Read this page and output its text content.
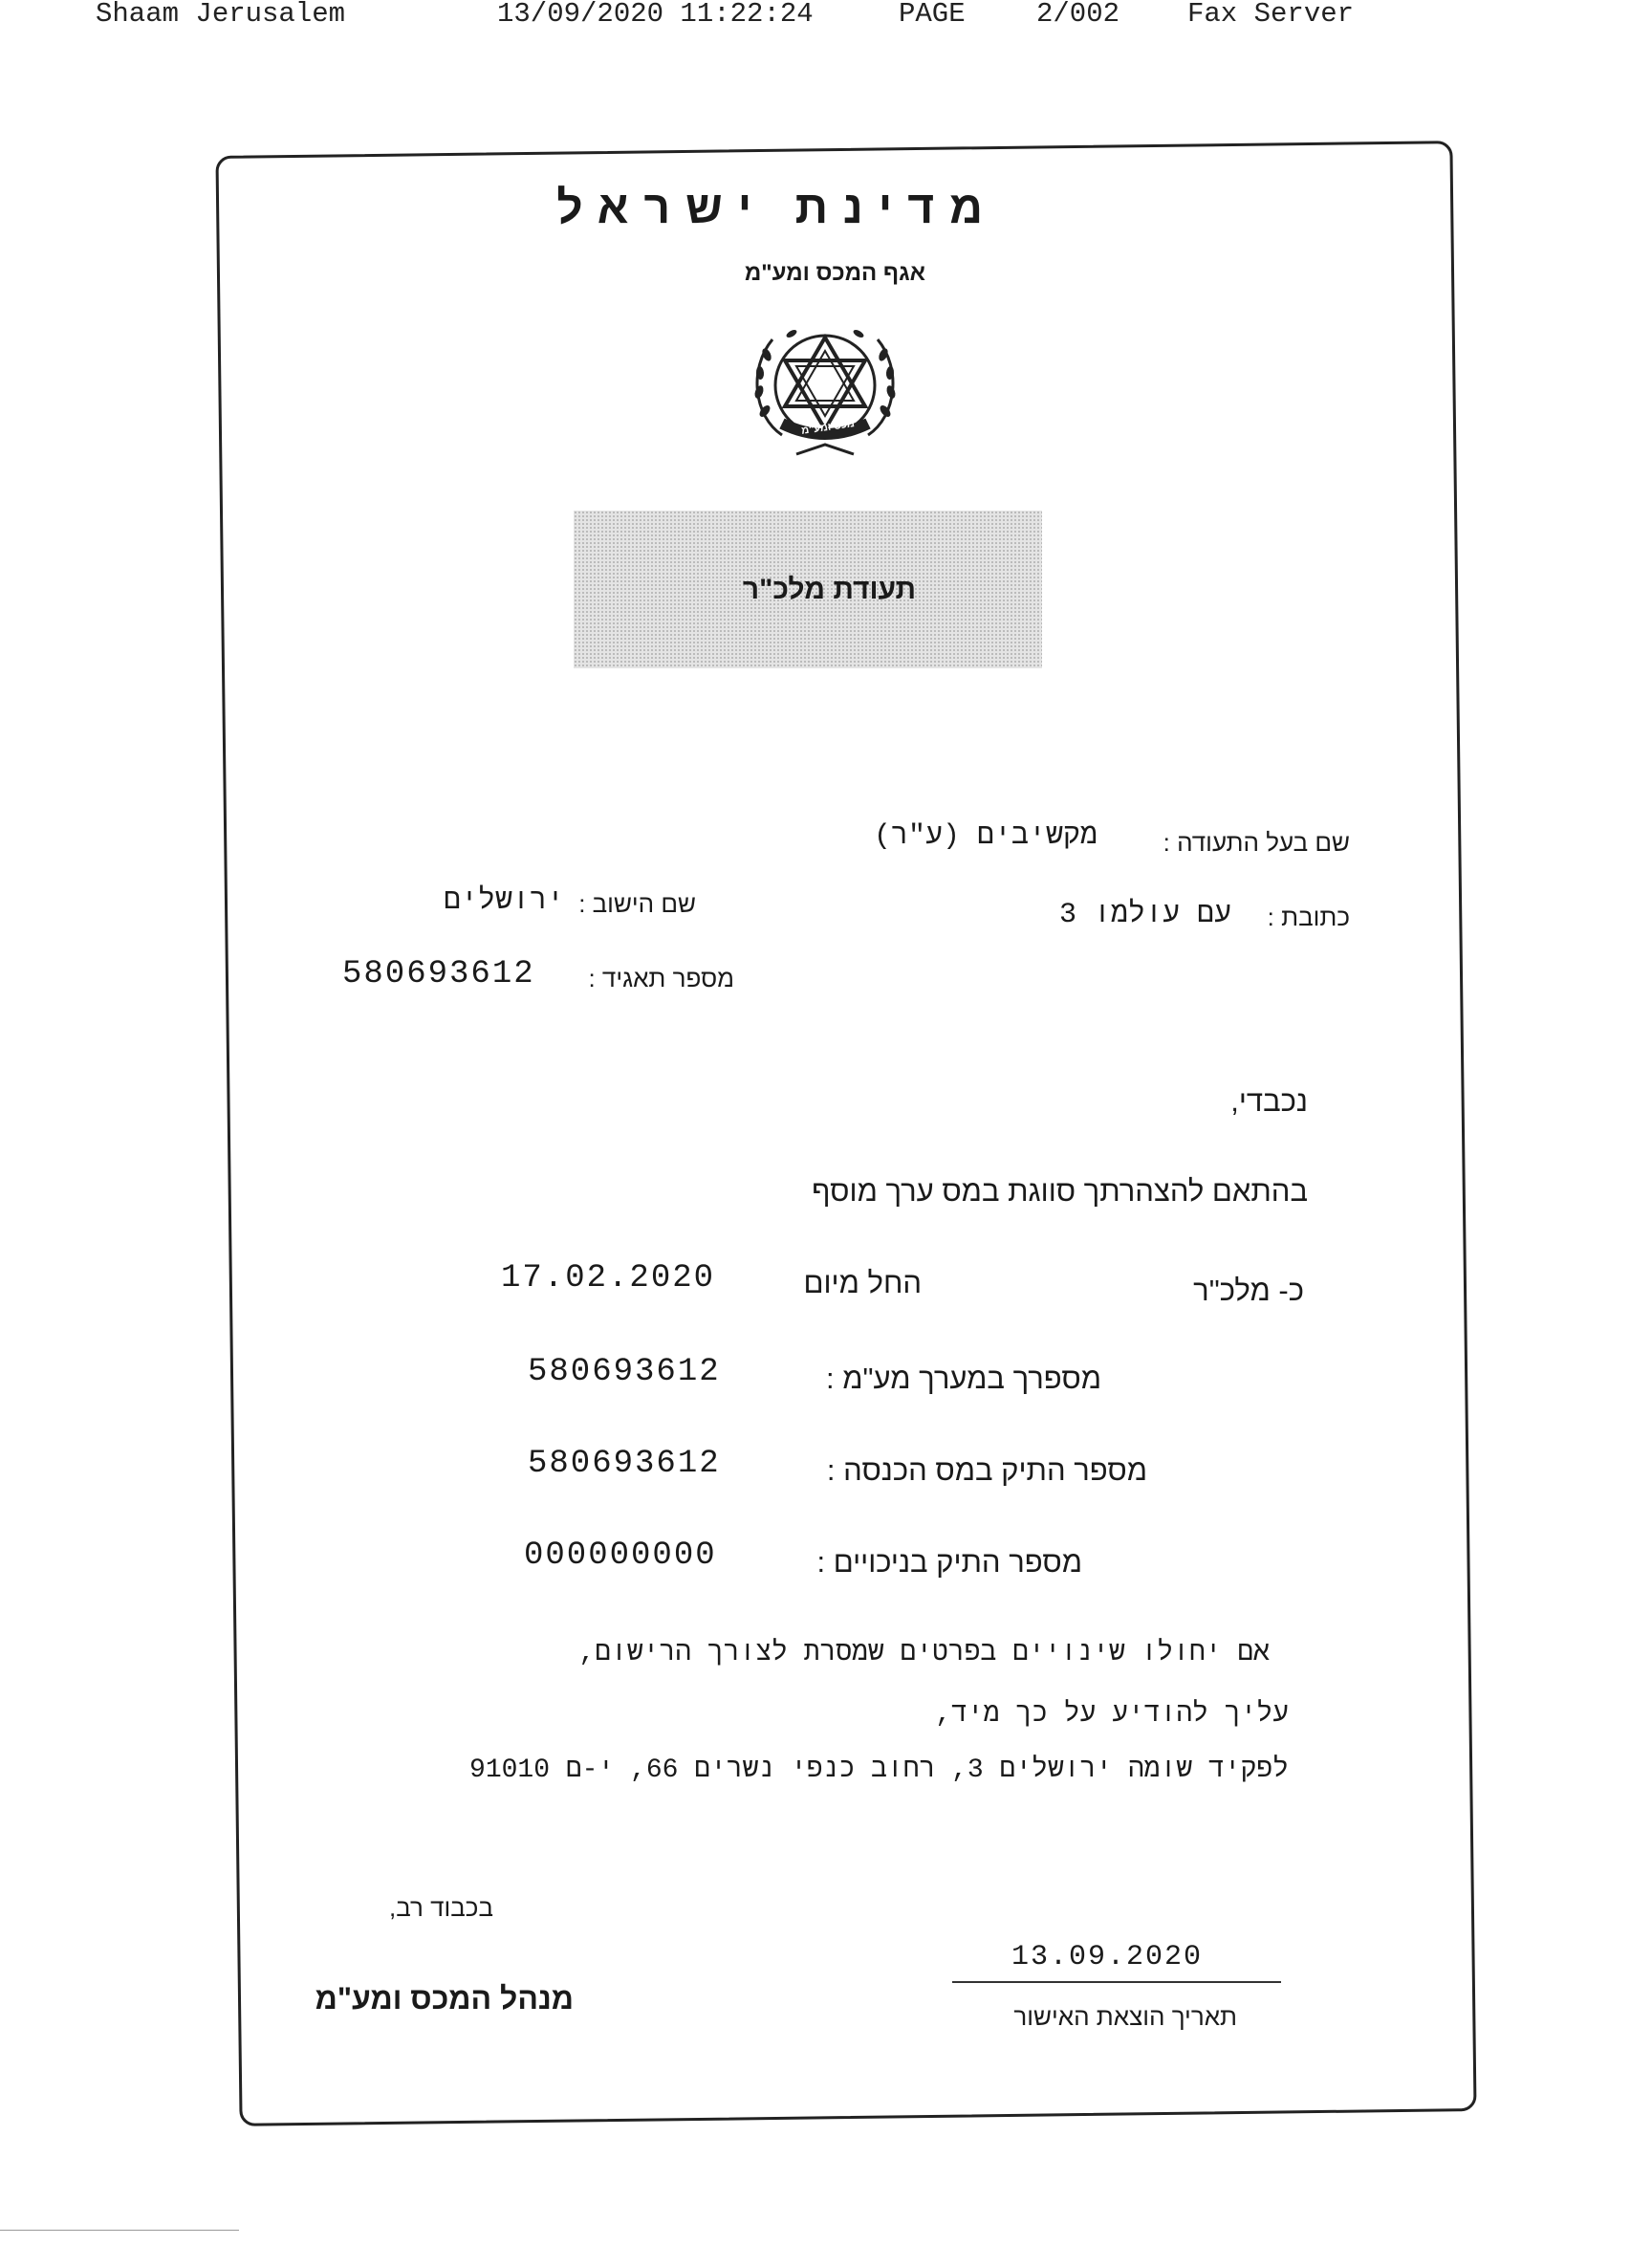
Shaam Jerusalem	13/09/2020 11:22:24	PAGE	2/002 Fax Server
מדינת ישראל
אגף המכס ומע"מ
מכס ומע"מ
תעודת מלכ"ר
שם בעל התעודה :
מקשיבים (ע"ר)
כתובת :
עם עולמו 3
שם הישוב :
ירושלים
מספר תאגיד :
580693612
נכבדי,
בהתאם להצהרתך סווגת במס ערך מוסף
כ- מלכ"ר
החל מיום
17.02.2020
מספרך במערך מע"מ :
580693612
מספר התיק במס הכנסה :
580693612
מספר התיק בניכויים :
000000000
אם יחולו שינויים בפרטים שמסרת לצורך הרישום,
עליך להודיע על כך מיד,
לפקיד שומה ירושלים 3, רחוב כנפי נשרים 66, י-ם 91010
בכבוד רב,
מנהל המכס ומע"מ
13.09.2020
תאריך הוצאת האישור
